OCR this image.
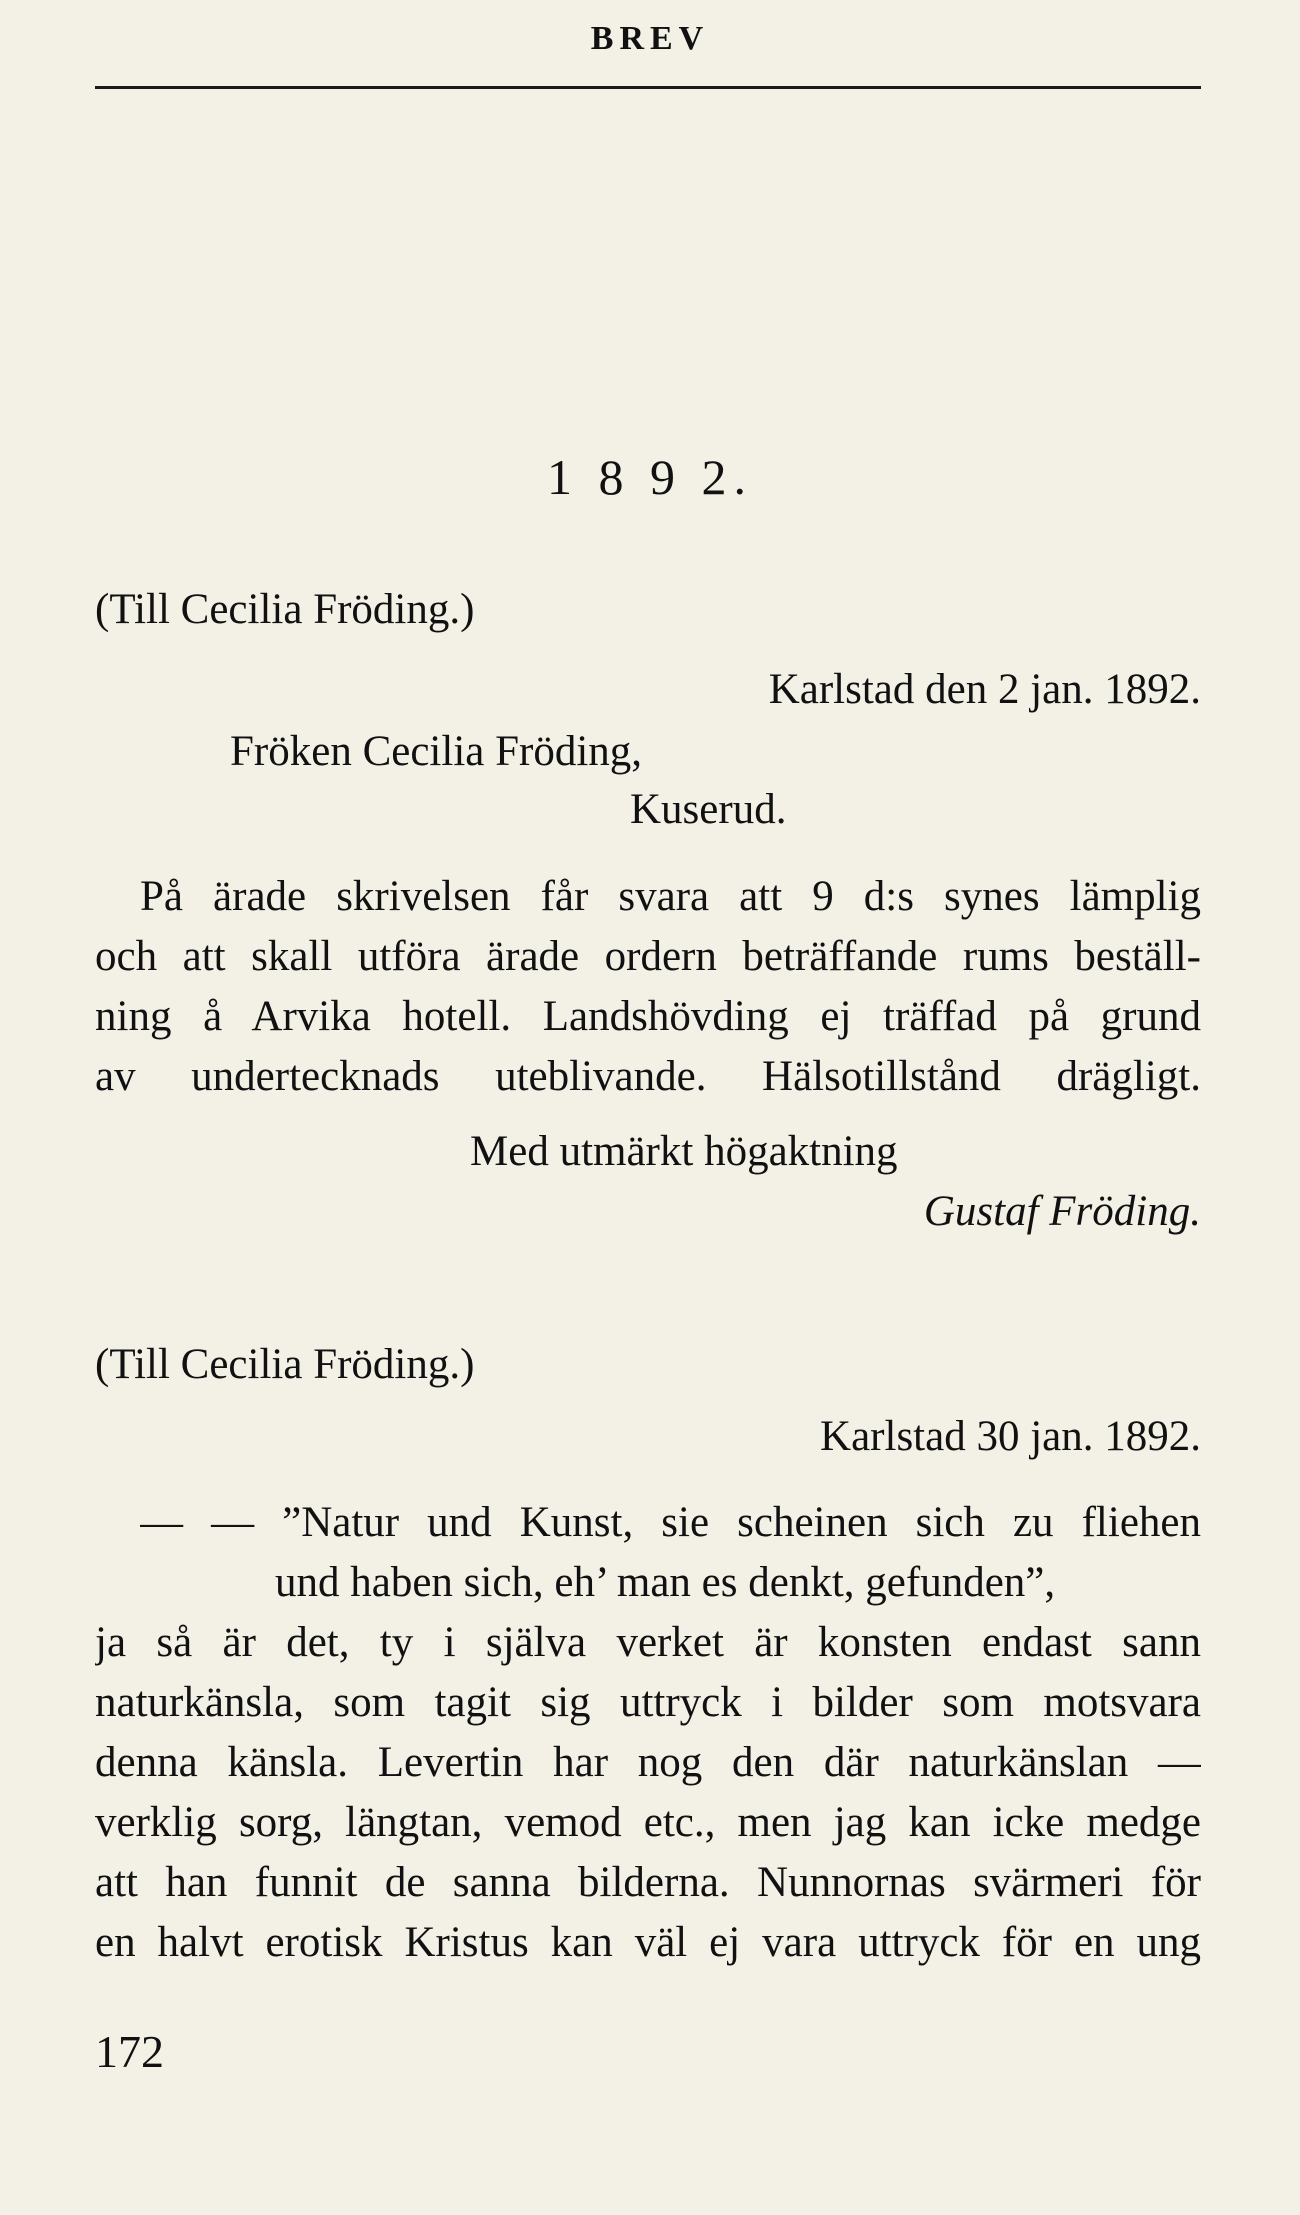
BREV
1 8 9 2.
(Till Cecilia Fröding.)
Karlstad den 2 jan. 1892.
Fröken Cecilia Fröding,
Kuserud.
På ärade skrivelsen får svara att 9 d:s synes lämplig
och att skall utföra ärade ordern beträffande rums beställ-
ning å Arvika hotell. Landshövding ej träffad på grund
av undertecknads uteblivande. Hälsotillstånd drägligt.
Med utmärkt högaktning
Gustaf Fröding.
(Till Cecilia Fröding.)
Karlstad 30 jan. 1892.
— — ”Natur und Kunst, sie scheinen sich zu fliehen
und haben sich, eh’ man es denkt, gefunden”,
ja så är det, ty i själva verket är konsten endast sann
naturkänsla, som tagit sig uttryck i bilder som motsvara
denna känsla. Levertin har nog den där naturkänslan —
verklig sorg, längtan, vemod etc., men jag kan icke medge
att han funnit de sanna bilderna. Nunnornas svärmeri för
en halvt erotisk Kristus kan väl ej vara uttryck för en ung
172
